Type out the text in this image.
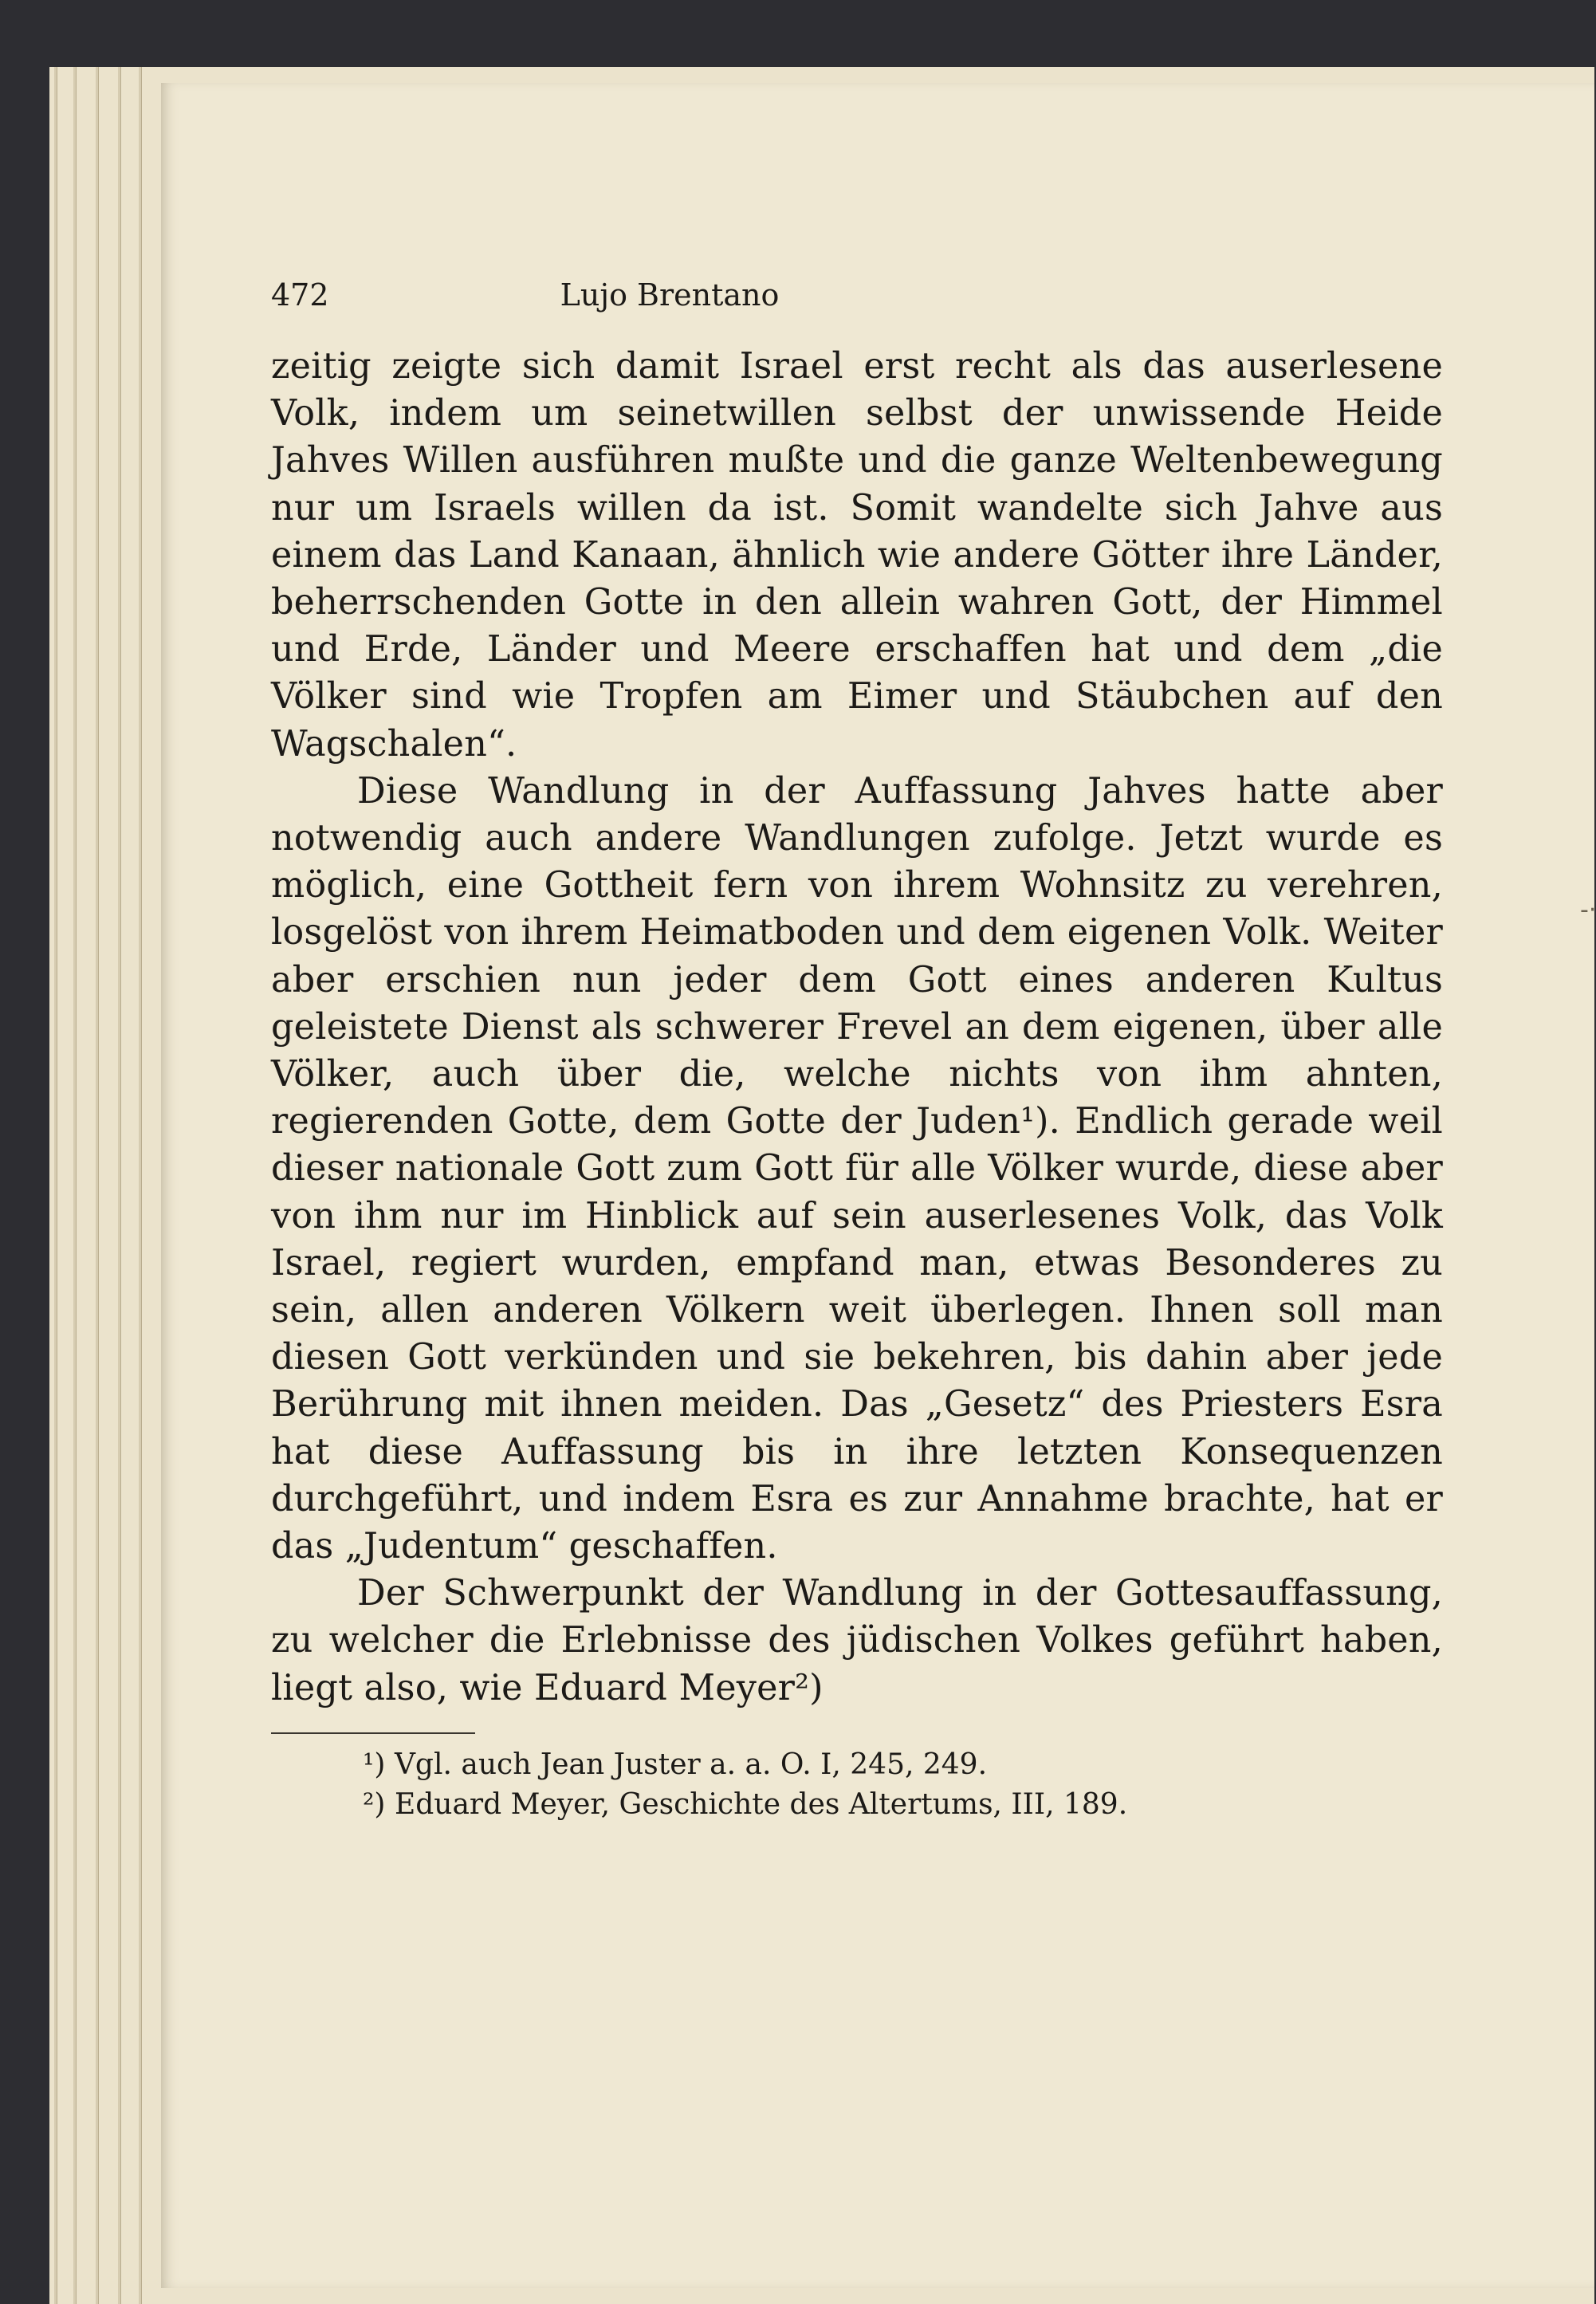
-·
472	Lujo Brentano

zeitig zeigte sich damit Israel erst recht als das auserlesene Volk, indem um seinetwillen selbst der unwissende Heide Jahves Willen ausführen mußte und die ganze Weltenbewegung nur um Israels willen da ist. Somit wandelte sich Jahve aus einem das Land Kanaan, ähnlich wie andere Götter ihre Länder, beherrschenden Gotte in den allein wahren Gott, der Himmel und Erde, Länder und Meere erschaffen hat und dem „die Völker sind wie Tropfen am Eimer und Stäubchen auf den Wagschalen“.

Diese Wandlung in der Auffassung Jahves hatte aber notwendig auch andere Wandlungen zufolge. Jetzt wurde es möglich, eine Gottheit fern von ihrem Wohnsitz zu verehren, losgelöst von ihrem Heimatboden und dem eigenen Volk. Weiter aber erschien nun jeder dem Gott eines anderen Kultus geleistete Dienst als schwerer Frevel an dem eigenen, über alle Völker, auch über die, welche nichts von ihm ahnten, regierenden Gotte, dem Gotte der Juden¹). Endlich gerade weil dieser nationale Gott zum Gott für alle Völker wurde, diese aber von ihm nur im Hinblick auf sein auserlesenes Volk, das Volk Israel, regiert wurden, empfand man, etwas Besonderes zu sein, allen anderen Völkern weit überlegen. Ihnen soll man diesen Gott verkünden und sie bekehren, bis dahin aber jede Berührung mit ihnen meiden. Das „Gesetz“ des Priesters Esra hat diese Auffassung bis in ihre letzten Konsequenzen durchgeführt, und indem Esra es zur Annahme brachte, hat er das „Judentum“ geschaffen.

Der Schwerpunkt der Wandlung in der Gottesauffassung, zu welcher die Erlebnisse des jüdischen Volkes geführt haben, liegt also, wie Eduard Meyer²)

¹) Vgl. auch Jean Juster a. a. O. I, 245, 249.

²) Eduard Meyer, Geschichte des Altertums, III, 189.
